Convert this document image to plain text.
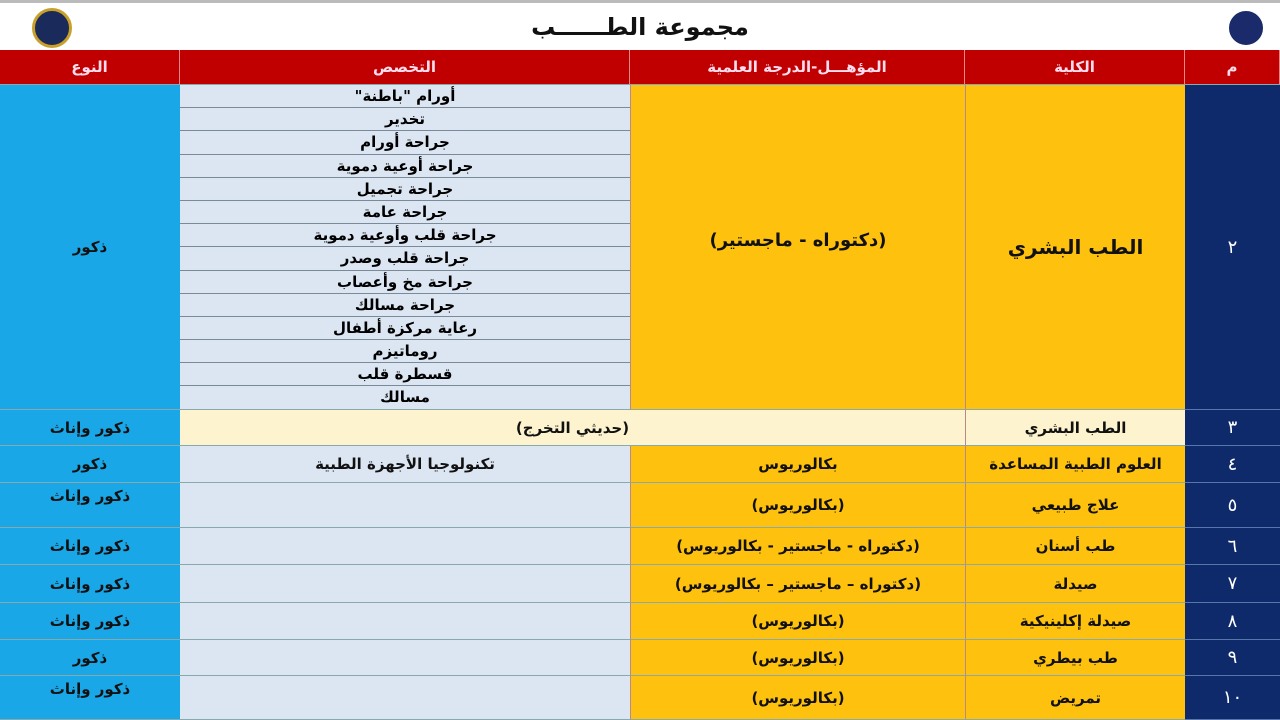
مجموعة الطــــــب
م
الكلية
المؤهـــل-الدرجة العلمية
التخصص
النوع
٢
الطب البشري
(دكتوراه - ماجستير)
أورام "باطنة"
تخدير
جراحة أورام
جراحة أوعية دموية
جراحة تجميل
جراحة عامة
جراحة قلب وأوعية دموية
جراحة قلب وصدر
جراحة مخ وأعصاب
جراحة مسالك
رعاية مركزة أطفال
روماتيزم
قسطرة قلب
مسالك
ذكور
٣
الطب البشري
(حديثي التخرج)
ذكور وإناث
٤
العلوم الطبية المساعدة
بكالوريوس
تكنولوجيا الأجهزة الطبية
ذكور
٥
علاج طبيعي
(بكالوريوس)
ذكور وإناث
٦
طب أسنان
(دكتوراه - ماجستير - بكالوريوس)
ذكور وإناث
٧
صيدلة
(دكتوراه – ماجستير – بكالوريوس)
ذكور وإناث
٨
صيدلة إكلينيكية
(بكالوريوس)
ذكور وإناث
٩
طب بيطري
(بكالوريوس)
ذكور
١٠
تمريض
(بكالوريوس)
ذكور وإناث
